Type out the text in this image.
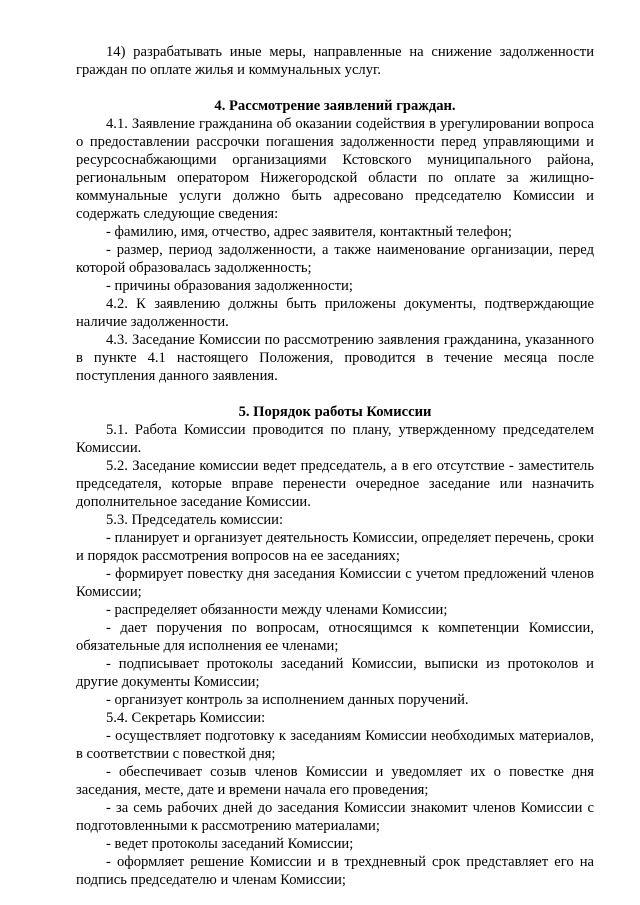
14) разрабатывать иные меры, направленные на снижение задолженности граждан по оплате жилья и коммунальных услуг.

4. Рассмотрение заявлений граждан.

4.1. Заявление гражданина об оказании содействия в урегулировании вопроса о предоставлении рассрочки погашения задолженности перед управляющими и ресурсоснабжающими организациями Кстовского муниципального района, региональным оператором Нижегородской области по оплате за жилищно-коммунальные услуги должно быть адресовано председателю Комиссии и содержать следующие сведения:

- фамилию, имя, отчество, адрес заявителя, контактный телефон;

- размер, период задолженности, а также наименование организации, перед которой образовалась задолженность;

- причины образования задолженности;

4.2. К заявлению должны быть приложены документы, подтверждающие наличие задолженности.

4.3. Заседание Комиссии по рассмотрению заявления гражданина, указанного в пункте 4.1 настоящего Положения, проводится в течение месяца после поступления данного заявления.

5. Порядок работы Комиссии

5.1. Работа Комиссии проводится по плану, утвержденному председателем Комиссии.

5.2. Заседание комиссии ведет председатель, а в его отсутствие - заместитель председателя, которые вправе перенести очередное заседание или назначить дополнительное заседание Комиссии.

5.3. Председатель комиссии:

- планирует и организует деятельность Комиссии, определяет перечень, сроки и порядок рассмотрения вопросов на ее заседаниях;

- формирует повестку дня заседания Комиссии с учетом предложений членов Комиссии;

- распределяет обязанности между членами Комиссии;

- дает поручения по вопросам, относящимся к компетенции Комиссии, обязательные для исполнения ее членами;

- подписывает протоколы заседаний Комиссии, выписки из протоколов и другие документы Комиссии;

- организует контроль за исполнением данных поручений.

5.4. Секретарь Комиссии:

- осуществляет подготовку к заседаниям Комиссии необходимых материалов, в соответствии с повесткой дня;

- обеспечивает созыв членов Комиссии и уведомляет их о повестке дня заседания, месте, дате и времени начала его проведения;

- за семь рабочих дней до заседания Комиссии знакомит членов Комиссии с подготовленными к рассмотрению материалами;

- ведет протоколы заседаний Комиссии;

- оформляет решение Комиссии и в трехдневный срок представляет его на подпись председателю и членам Комиссии;
